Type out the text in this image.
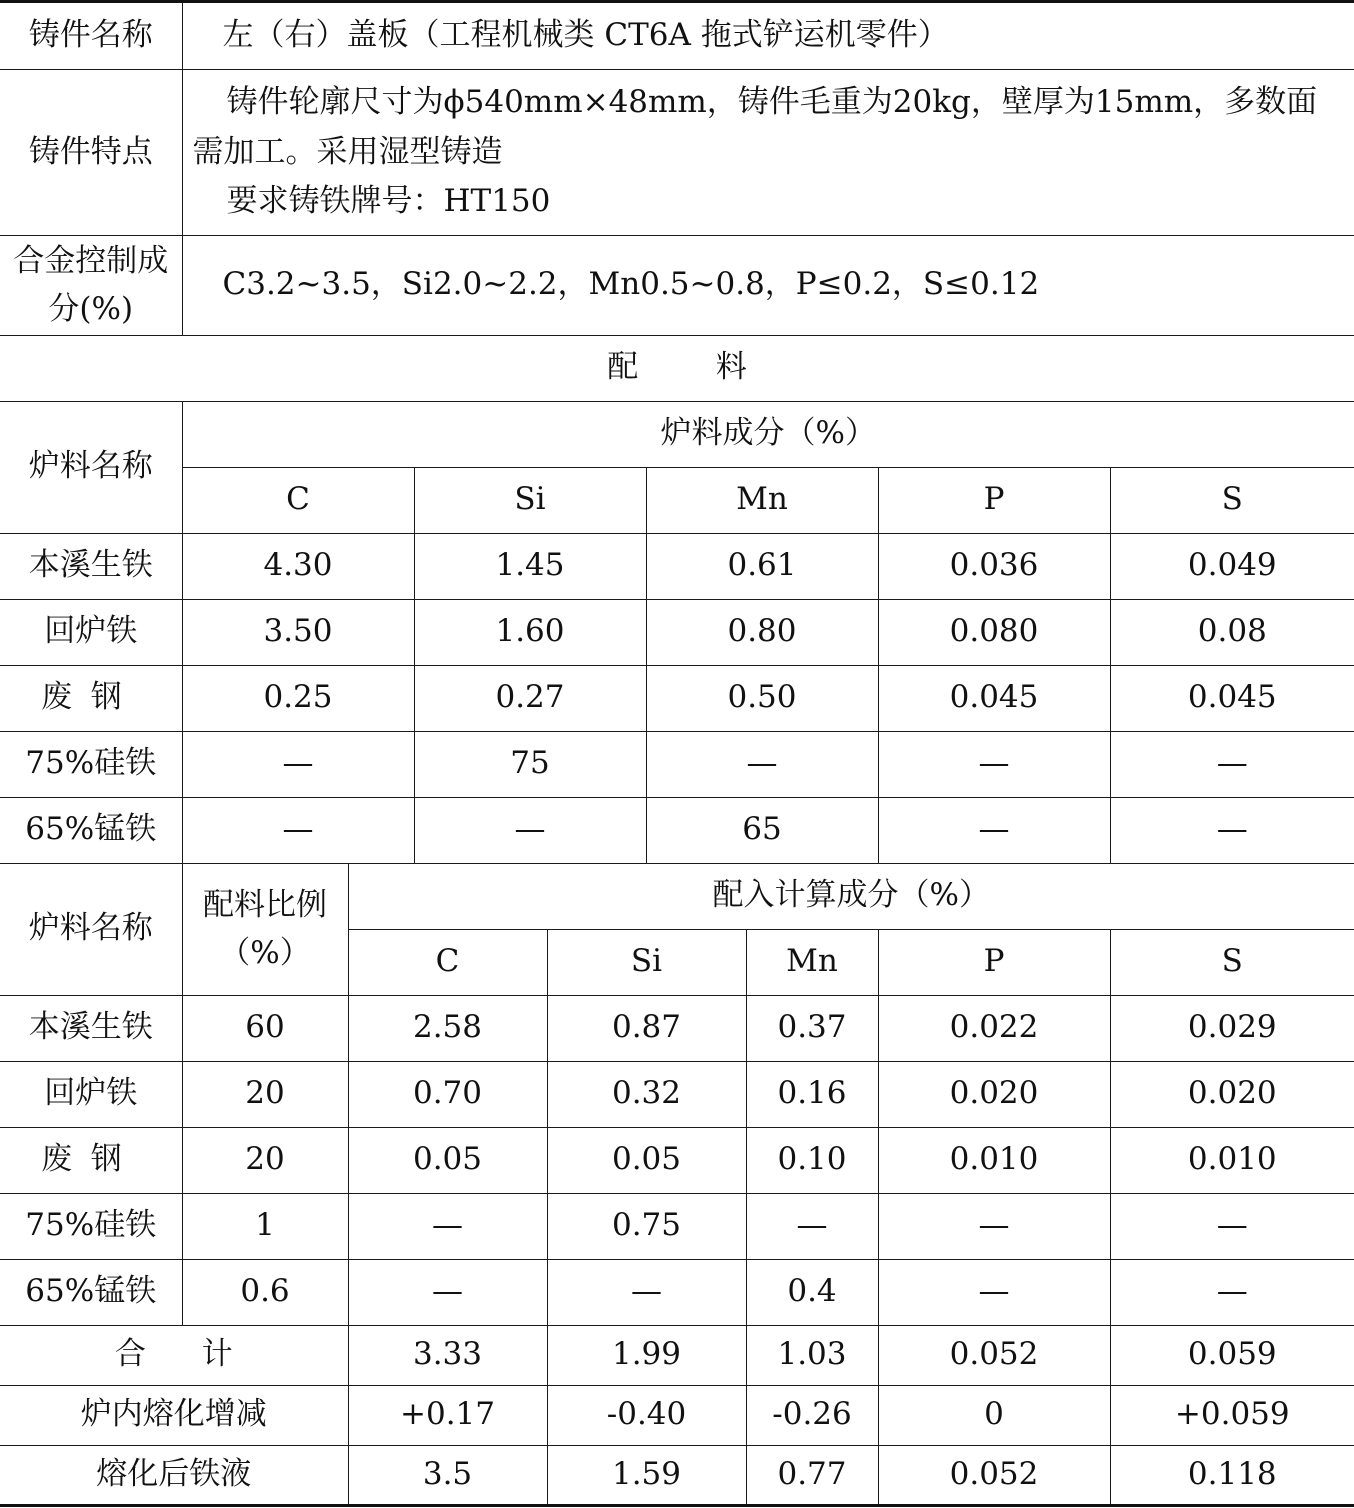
铸件名称	左（右）盖板（工程机械类 CT6A 拖式铲运机零件）							
铸件特点	铸件轮廓尺寸为ϕ540mm×48mm，铸件毛重为20kg，壁厚为15mm，多数面需加工。采用湿型铸造
要求铸铁牌号：HT150							

合金控制成分(%)	C3.2~3.5，Si2.0~2.2，Mn0.5~0.8，P≤0.2，S≤0.12							
配料								
炉料名称	炉料成分（%）							
	C		Si		Mn		P	S
本溪生铁	4.30		1.45		0.61		0.036	0.049
回炉铁	3.50		1.60		0.80		0.080	0.08
废钢	0.25		0.27		0.50		0.045	0.045
75%硅铁	—		75		—		—	—
65%锰铁	—		—		65		—	—
炉料名称	配料比例（%）	配入计算成分（%）						
		C		Si		Mn	P	S
本溪生铁	60	2.58		0.87		0.37	0.022	0.029
回炉铁	20	0.70		0.32		0.16	0.020	0.020
废钢	20	0.05		0.05		0.10	0.010	0.010
75%硅铁	1	—		0.75		—	—	—
65%锰铁	0.6	—		—		0.4	—	—
合计		3.33		1.99		1.03	0.052	0.059
炉内熔化增减		+0.17		-0.40		-0.26	0	+0.059
熔化后铁液		3.5		1.59		0.77	0.052	0.118
